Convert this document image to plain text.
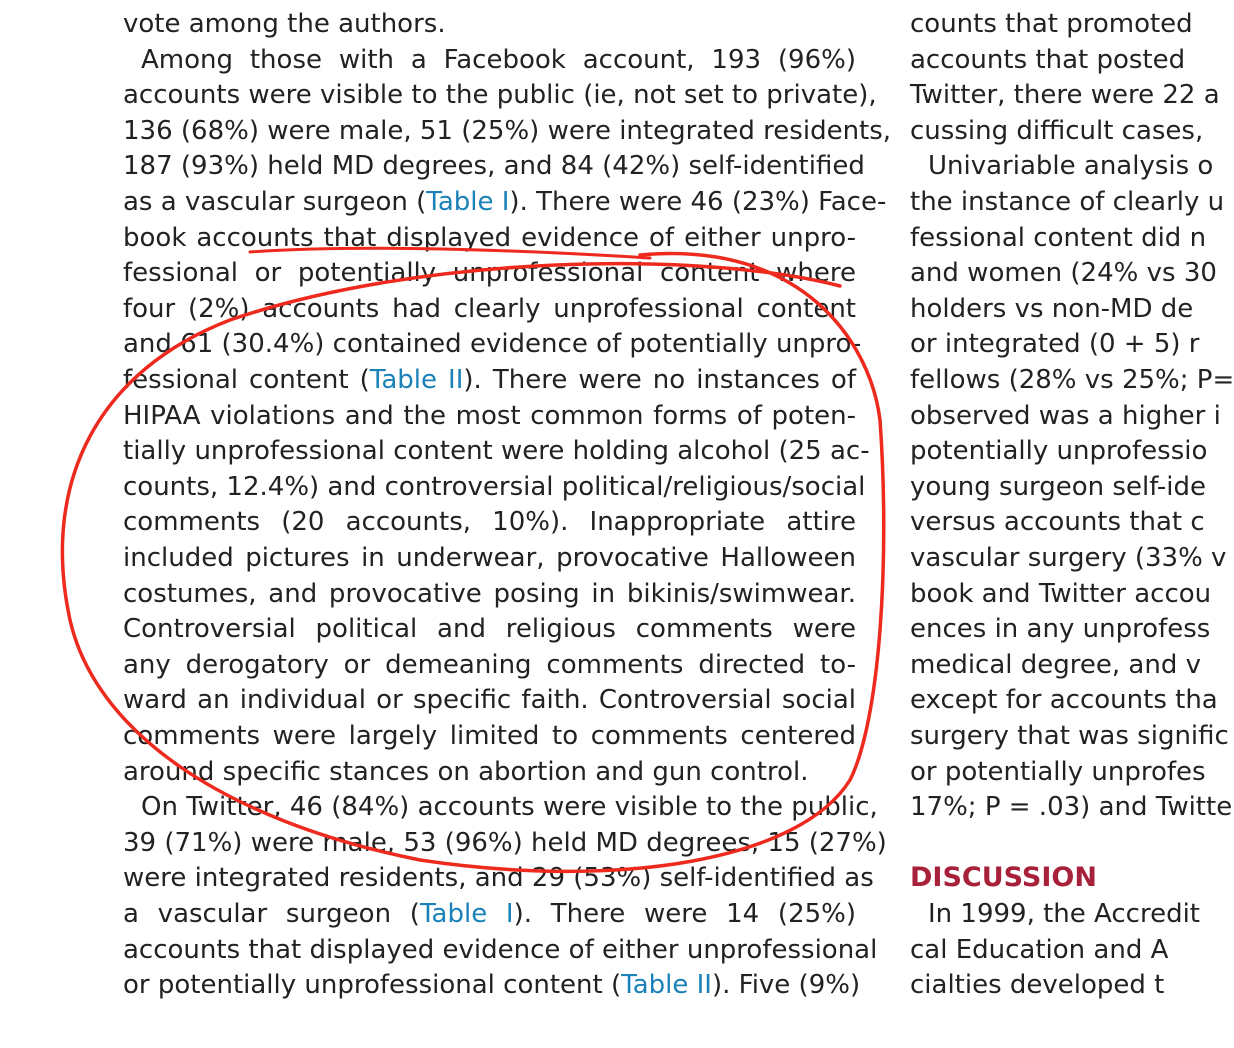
vote among the authors.

Among those with a Facebook account, 193 (96%)

accounts were visible to the public (ie, not set to private),

136 (68%) were male, 51 (25%) were integrated residents,

187 (93%) held MD degrees, and 84 (42%) self-identified

as a vascular surgeon (Table I). There were 46 (23%) Face-

book accounts that displayed evidence of either unpro-

fessional or potentially unprofessional content where

four (2%) accounts had clearly unprofessional content

and 61 (30.4%) contained evidence of potentially unpro-

fessional content (Table II). There were no instances of

HIPAA violations and the most common forms of poten-

tially unprofessional content were holding alcohol (25 ac-

counts, 12.4%) and controversial political/religious/social

comments (20 accounts, 10%). Inappropriate attire

included pictures in underwear, provocative Halloween

costumes, and provocative posing in bikinis/swimwear.

Controversial political and religious comments were

any derogatory or demeaning comments directed to-

ward an individual or specific faith. Controversial social

comments were largely limited to comments centered

around specific stances on abortion and gun control.

On Twitter, 46 (84%) accounts were visible to the public,

39 (71%) were male, 53 (96%) held MD degrees, 15 (27%)

were integrated residents, and 29 (53%) self-identified as

a vascular surgeon (Table I). There were 14 (25%)

accounts that displayed evidence of either unprofessional

or potentially unprofessional content (Table II). Five (9%)

counts that promoted

accounts that posted

Twitter, there were 22 a

cussing difficult cases,

Univariable analysis o

the instance of clearly u

fessional content did n

and women (24% vs 30

holders vs non-MD de

or integrated (0 + 5) r

fellows (28% vs 25%; P=

observed was a higher i

potentially unprofessio

young surgeon self-ide

versus accounts that c

vascular surgery (33% v

book and Twitter accou

ences in any unprofess

medical degree, and v

except for accounts tha

surgery that was signific

or potentially unprofes

17%; P = .03) and Twitte

DISCUSSION

In 1999, the Accredit

cal Education and A

cialties developed t
